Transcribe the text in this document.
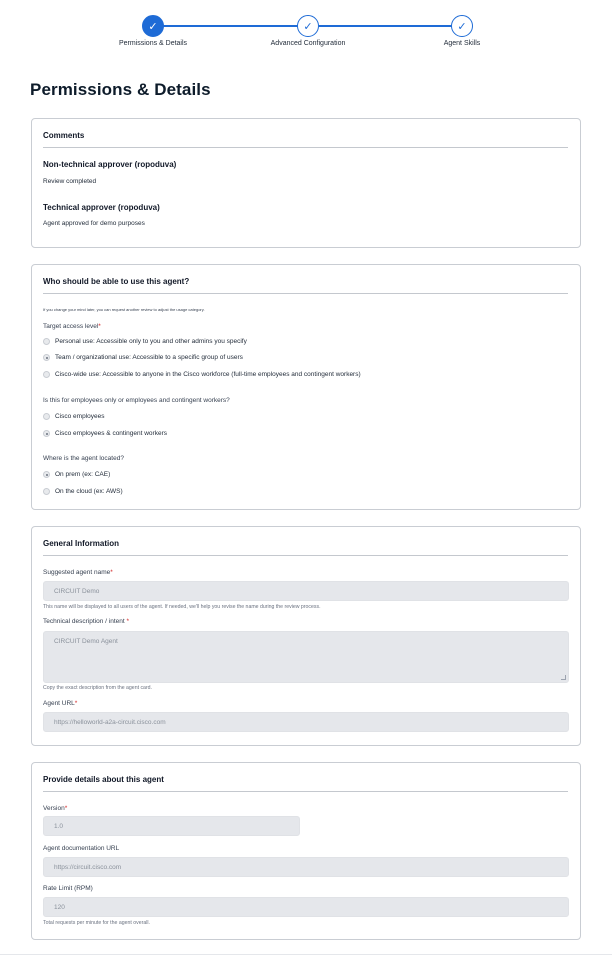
✓
Permissions & Details
✓
Advanced Configuration
✓
Agent Skills
Permissions & Details
Comments
Non-technical approver (ropoduva)
Review completed
Technical approver (ropoduva)
Agent approved for demo purposes
Who should be able to use this agent?
If you change your mind later, you can request another review to adjust the usage category.
Target access level*
Personal use: Accessible only to you and other admins you specify
Team / organizational use: Accessible to a specific group of users
Cisco-wide use: Accessible to anyone in the Cisco workforce (full-time employees and contingent workers)
Is this for employees only or employees and contingent workers?
Cisco employees
Cisco employees & contingent workers
Where is the agent located?
On prem (ex: CAE)
On the cloud (ex: AWS)
General Information
Suggested agent name*
CIRCUIT Demo
This name will be displayed to all users of the agent. If needed, we'll help you revise the name during the review process.
Technical description / intent *
CIRCUIT Demo Agent
Copy the exact description from the agent card.
Agent URL*
https://helloworld-a2a-circuit.cisco.com
Provide details about this agent
Version*
1.0
Agent documentation URL
https://circuit.cisco.com
Rate Limit (RPM)
120
Total requests per minute for the agent overall.
